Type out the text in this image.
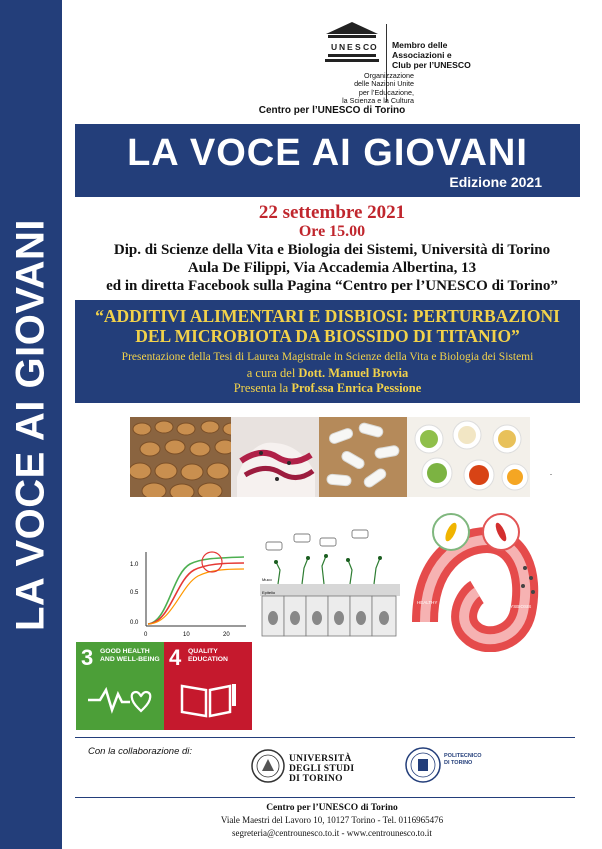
LA VOCE AI GIOVANI
U N E S C O
Organizzazione
delle Nazioni Unite
per l’Educazione,
la Scienza e la Cultura
Membro delle
Associazioni e
Club per l’UNESCO
Centro per l’UNESCO di Torino
LA VOCE AI GIOVANI
Edizione 2021
22 settembre 2021
Ore 15.00
Dip. di Scienze della Vita e Biologia dei Sistemi, Università di Torino
Aula De Filippi, Via Accademia Albertina, 13
ed in diretta Facebook sulla Pagina “Centro per l’UNESCO di Torino”
“ADDITIVI ALIMENTARI E DISBIOSI: PERTURBAZIONI
DEL MICROBIOTA DA BIOSSIDO DI TITANIO”
Presentazione della Tesi di Laurea Magistrale in Scienze della Vita e Biologia dei Sistemi
a cura del Dott. Manuel Brovia
Presenta la Prof.ssa Enrica Pessione
.
1.0
0.5
0.0
0	10	20
Muco
Epitelio
HEALTHY
DYSBIOSIS
3 GOOD HEALTH AND WELL-BEING 4 QUALITY EDUCATION
Con la collaborazione di:
UNIVERSITÀ
DEGLI STUDI
DI TORINO
POLITECNICO
DI TORINO
Centro per l’UNESCO di Torino
Viale Maestri del Lavoro 10, 10127 Torino - Tel. 0116965476
segreteria@centrounesco.to.it - www.centrounesco.to.it
